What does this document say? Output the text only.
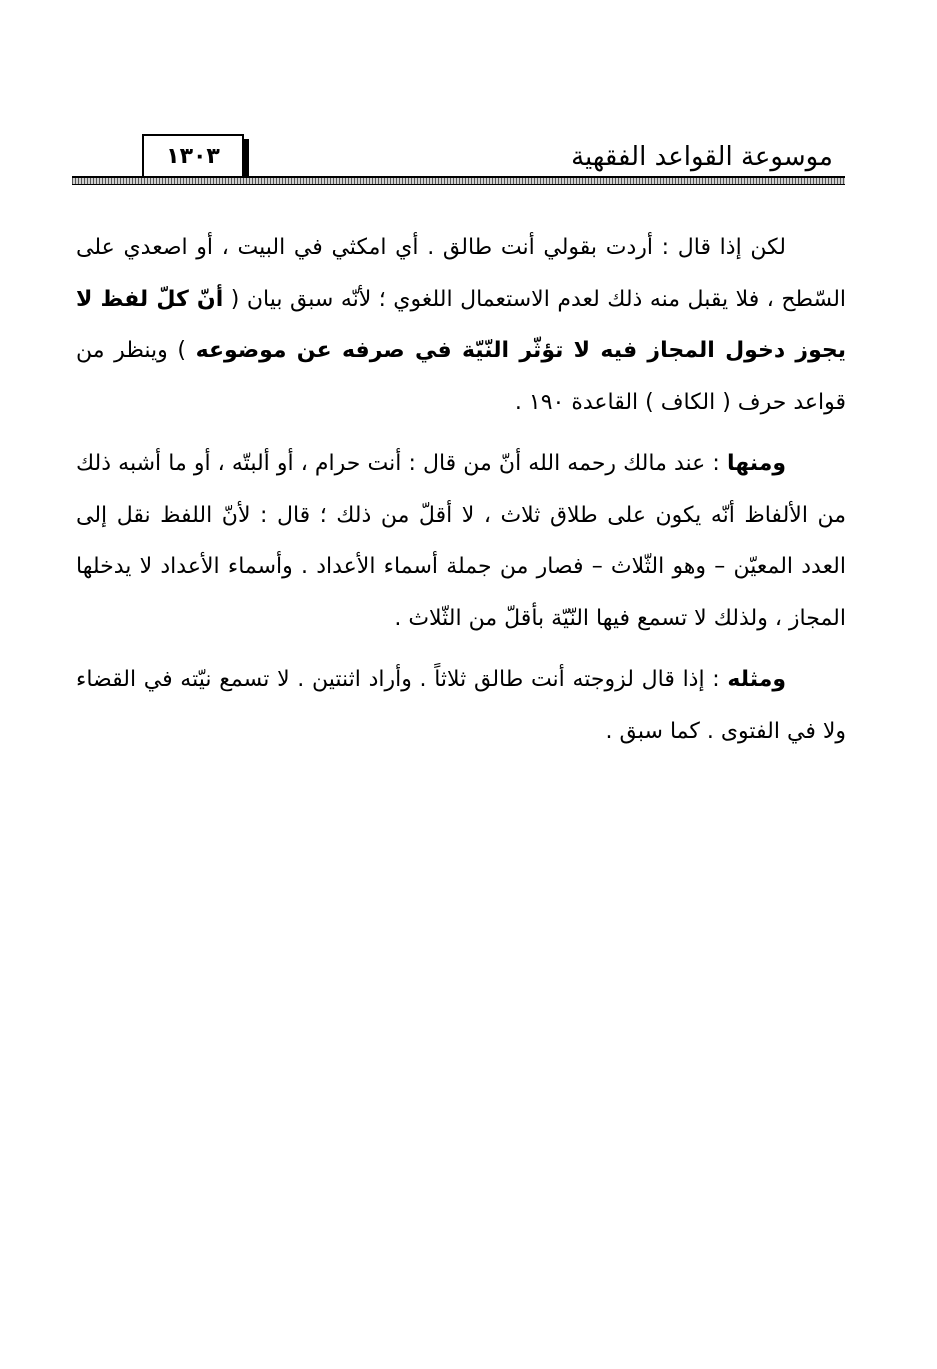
موسوعة القواعد الفقهية
١٣٠٣

لكن إذا قال : أردت بقولي أنت طالق . أي امكثي في البيت ، أو اصعدي على السّطح ، فلا يقبل منه ذلك لعدم الاستعمال اللغوي ؛ لأنّه سبق بيان ( أنّ كلّ لفظ لا يجوز دخول المجاز فيه لا تؤثّر النّيّة في صرفه عن موضوعه ) وينظر من قواعد حرف ( الكاف ) القاعدة ١٩٠ .

ومنها : عند مالك رحمه الله أنّ من قال : أنت حرام ، أو ألبتّه ، أو ما أشبه ذلك من الألفاظ أنّه يكون على طلاق ثلاث ، لا أقلّ من ذلك ؛ قال : لأنّ اللفظ نقل إلى العدد المعيّن – وهو الثّلاث – فصار من جملة أسماء الأعداد . وأسماء الأعداد لا يدخلها المجاز ، ولذلك لا تسمع فيها النّيّة بأقلّ من الثّلاث .

ومثله : إذا قال لزوجته أنت طالق ثلاثاً . وأراد اثنتين . لا تسمع نيّته في القضاء ولا في الفتوى . كما سبق .
